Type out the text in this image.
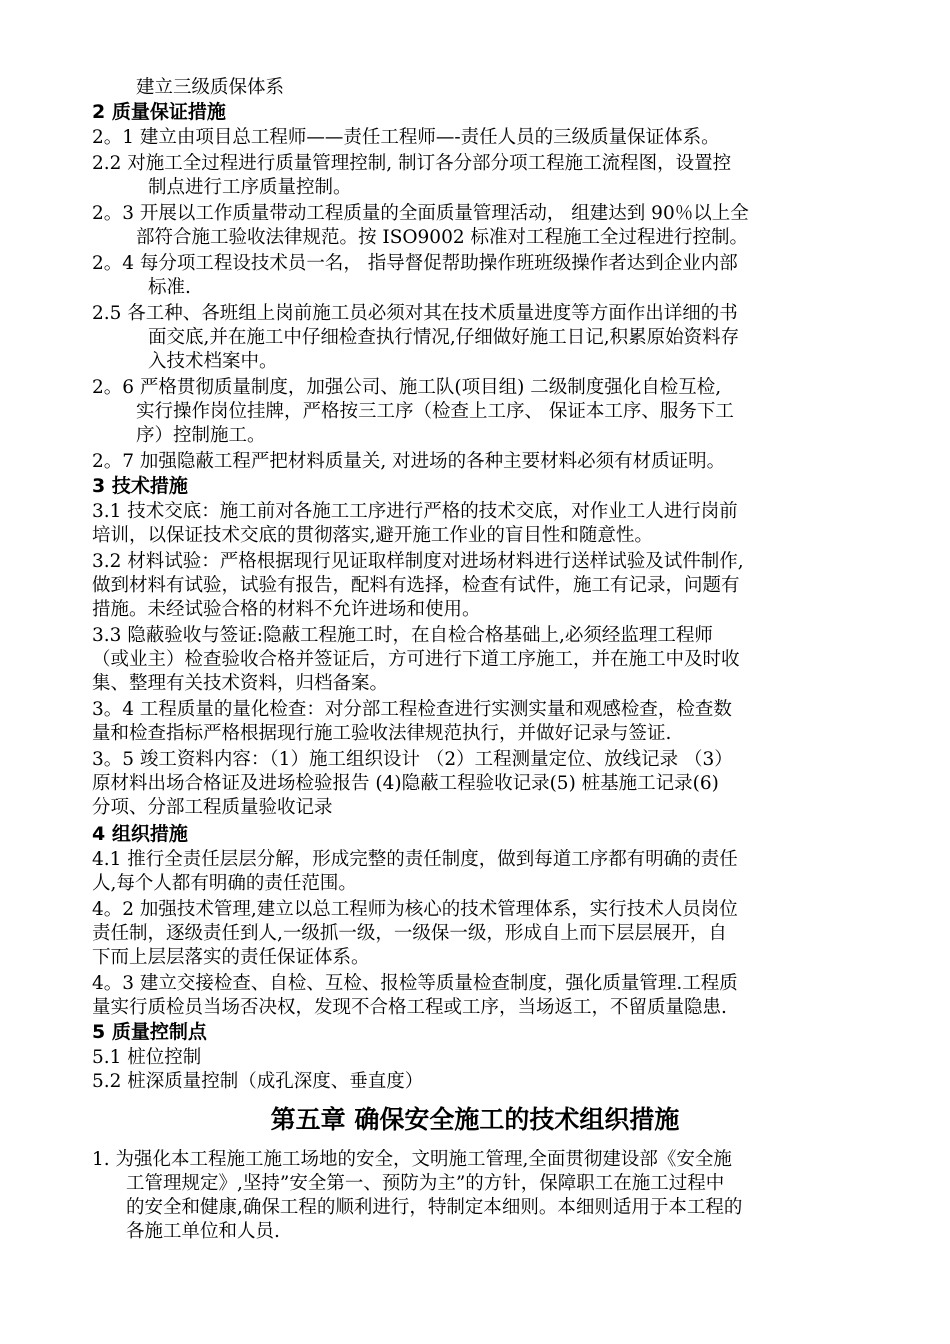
建立三级质保体系
2 质量保证措施
2。1 建立由项目总工程师——责任工程师—-责任人员的三级质量保证体系。
2.2 对施工全过程进行质量管理控制, 制订各分部分项工程施工流程图，设置控
制点进行工序质量控制。
2。3 开展以工作质量带动工程质量的全面质量管理活动， 组建达到 90％以上全
部符合施工验收法律规范。按 ISO9002 标准对工程施工全过程进行控制。
2。4 每分项工程设技术员一名， 指导督促帮助操作班班级操作者达到企业内部
标准.
2.5 各工种、各班组上岗前施工员必须对其在技术质量进度等方面作出详细的书
面交底,并在施工中仔细检查执行情况,仔细做好施工日记,积累原始资料存
入技术档案中。
2。6 严格贯彻质量制度，加强公司、施工队(项目组) 二级制度强化自检互检,
实行操作岗位挂牌，严格按三工序（检查上工序、 保证本工序、服务下工
序）控制施工。
2。7 加强隐蔽工程严把材料质量关, 对进场的各种主要材料必须有材质证明。
3 技术措施
3.1 技术交底：施工前对各施工工序进行严格的技术交底，对作业工人进行岗前
培训，以保证技术交底的贯彻落实,避开施工作业的盲目性和随意性。
3.2 材料试验：严格根据现行见证取样制度对进场材料进行送样试验及试件制作,
做到材料有试验，试验有报告，配料有选择，检查有试件，施工有记录，问题有
措施。未经试验合格的材料不允许进场和使用。
3.3 隐蔽验收与签证:隐蔽工程施工时，在自检合格基础上,必须经监理工程师
（或业主）检查验收合格并签证后，方可进行下道工序施工，并在施工中及时收
集、整理有关技术资料，归档备案。
3。4 工程质量的量化检查：对分部工程检查进行实测实量和观感检查，检查数
量和检查指标严格根据现行施工验收法律规范执行，并做好记录与签证.
3。5 竣工资料内容：（1）施工组织设计 （2）工程测量定位、放线记录 （3）
原材料出场合格证及进场检验报告 (4)隐蔽工程验收记录(5) 桩基施工记录(6)
分项、分部工程质量验收记录
4 组织措施
4.1 推行全责任层层分解，形成完整的责任制度，做到每道工序都有明确的责任
人,每个人都有明确的责任范围。
4。2 加强技术管理,建立以总工程师为核心的技术管理体系，实行技术人员岗位
责任制，逐级责任到人,一级抓一级，一级保一级，形成自上而下层层展开，自
下而上层层落实的责任保证体系。
4。3 建立交接检查、自检、互检、报检等质量检查制度，强化质量管理.工程质
量实行质检员当场否决权，发现不合格工程或工序，当场返工，不留质量隐患.
5 质量控制点
5.1 桩位控制
5.2 桩深质量控制（成孔深度、垂直度）
第五章 确保安全施工的技术组织措施
1. 为强化本工程施工施工场地的安全，文明施工管理,全面贯彻建设部《安全施
工管理规定》,坚持”安全第一、预防为主”的方针，保障职工在施工过程中
的安全和健康,确保工程的顺利进行，特制定本细则。本细则适用于本工程的
各施工单位和人员.
